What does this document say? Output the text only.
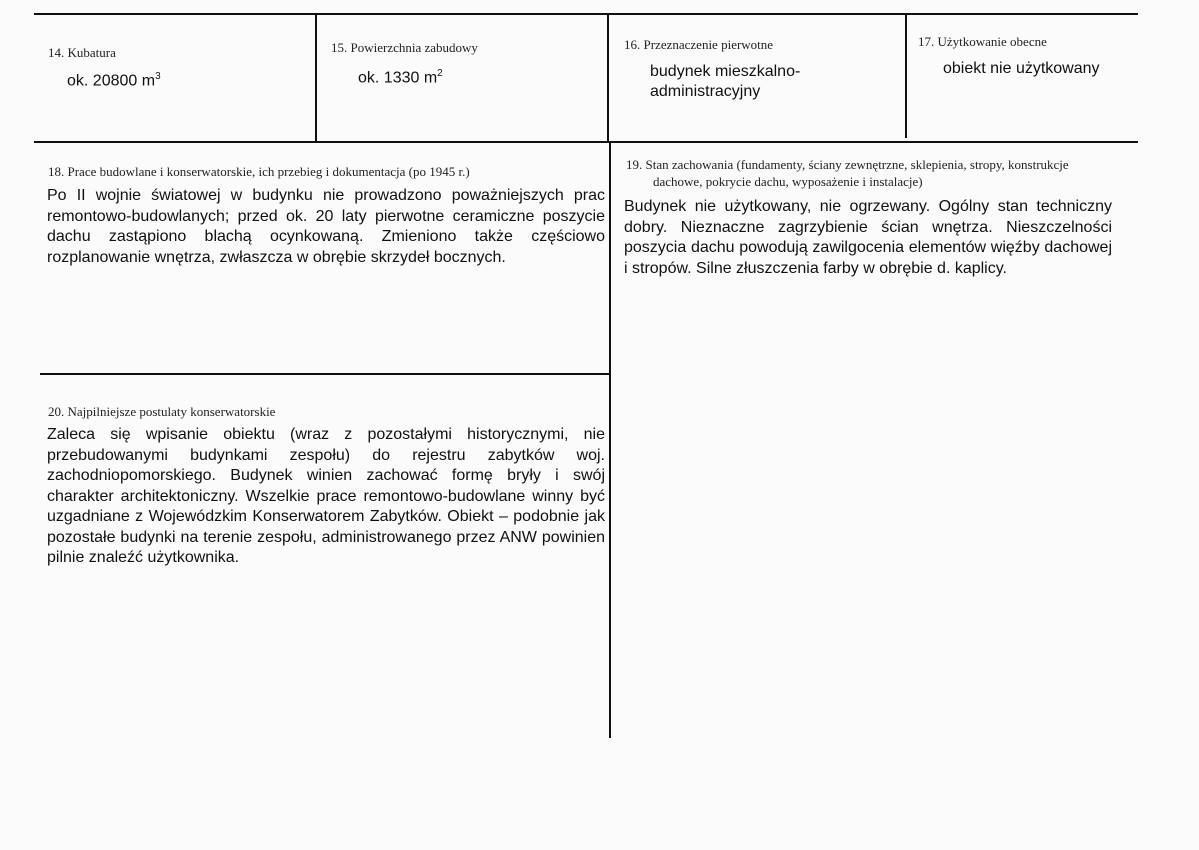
14. Kubatura
ok. 20800 $m^3$
15. Powierzchnia zabudowy
ok. 1330 $m^2$
16. Przeznaczenie pierwotne
budynek mieszkalno-
administracyjny
17. Użytkowanie obecne
obiekt nie użytkowany
18. Prace budowlane i konserwatorskie, ich przebieg i dokumentacja (po 1945 r.)
Po II wojnie światowej w budynku nie prowadzono poważniejszych prac remontowo-budowlanych; przed ok. 20 laty pierwotne ceramiczne poszycie dachu zastąpiono blachą ocynkowaną. Zmieniono także częściowo rozplanowanie wnętrza, zwłaszcza w obrębie skrzydeł bocznych.
19. Stan zachowania (fundamenty, ściany zewnętrzne, sklepienia, stropy, konstrukcje
dachowe, pokrycie dachu, wyposażenie i instalacje)
Budynek nie użytkowany, nie ogrzewany. Ogólny stan techniczny dobry. Nieznaczne zagrzybienie ścian wnętrza. Nieszczelności poszycia dachu powodują zawilgocenia elementów więźby dachowej i stropów. Silne złuszczenia farby w obrębie d. kaplicy.
20. Najpilniejsze postulaty konserwatorskie
Zaleca się wpisanie obiektu (wraz z pozostałymi historycznymi, nie przebudowanymi budynkami zespołu) do rejestru zabytków woj. zachodniopomorskiego. Budynek winien zachować formę bryły i swój charakter architektoniczny. Wszelkie prace remontowo-budowlane winny być uzgadniane z Wojewódzkim Konserwatorem Zabytków. Obiekt – podobnie jak pozostałe budynki na terenie zespołu, administrowanego przez ANW powinien pilnie znaleźć użytkownika.
